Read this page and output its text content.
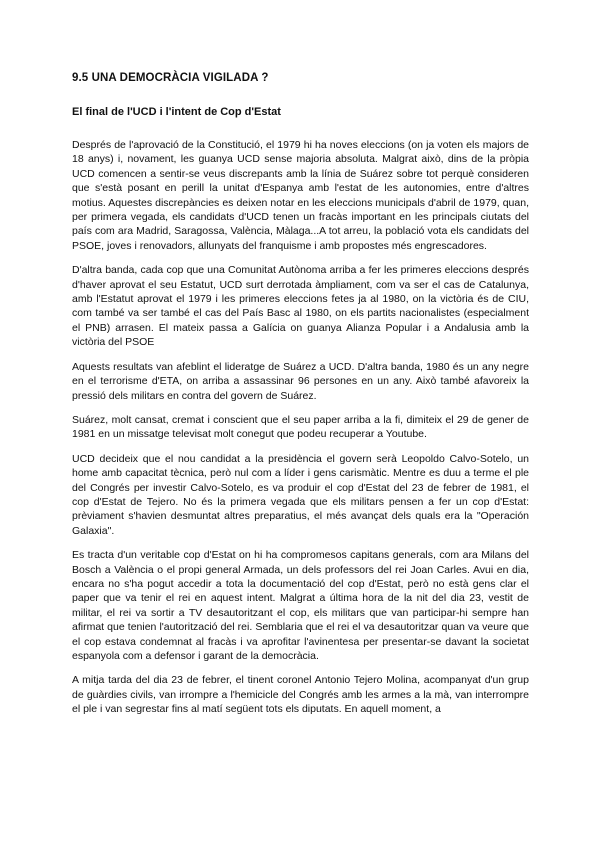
9.5 UNA DEMOCRÀCIA VIGILADA ?
El final de l'UCD i l'intent de Cop d'Estat

Després de l'aprovació de la Constitució, el 1979 hi ha noves eleccions (on ja voten els majors de 18 anys) i, novament, les guanya UCD sense majoria absoluta. Malgrat això, dins de la pròpia UCD comencen a sentir-se veus discrepants amb la línia de Suárez sobre tot perquè consideren que s'està posant en perill la unitat d'Espanya amb l'estat de les autonomies, entre d'altres motius. Aquestes discrepàncies es deixen notar en les eleccions municipals d'abril de 1979, quan, per primera vegada, els candidats d'UCD tenen un fracàs important en les principals ciutats del país com ara Madrid, Saragossa, València, Màlaga...A tot arreu, la població vota els candidats del PSOE, joves i renovadors, allunyats del franquisme i amb propostes més engrescadores.

D'altra banda, cada cop que una Comunitat Autònoma arriba a fer les primeres eleccions després d'haver aprovat el seu Estatut, UCD surt derrotada àmpliament, com va ser el cas de Catalunya, amb l'Estatut aprovat el 1979 i les primeres eleccions fetes ja al 1980, on la victòria és de CIU, com també va ser també el cas del País Basc al 1980, on els partits nacionalistes (especialment el PNB) arrasen. El mateix passa a Galícia on guanya Alianza Popular i a Andalusia amb la victòria del PSOE

Aquests resultats van afeblint el lideratge de Suárez a UCD. D'altra banda, 1980 és un any negre en el terrorisme d'ETA, on arriba a assassinar 96 persones en un any. Això també afavoreix la pressió dels militars en contra del govern de Suárez.

Suárez, molt cansat, cremat i conscient que el seu paper arriba a la fi, dimiteix el 29 de gener de 1981 en un missatge televisat molt conegut que podeu recuperar a Youtube.

UCD decideix que el nou candidat a la presidència el govern serà Leopoldo Calvo-Sotelo, un home amb capacitat tècnica, però nul com a líder i gens carismàtic. Mentre es duu a terme el ple del Congrés per investir Calvo-Sotelo, es va produir el cop d'Estat del 23 de febrer de 1981, el cop d'Estat de Tejero. No és la primera vegada que els militars pensen a fer un cop d'Estat: prèviament s'havien desmuntat altres preparatius, el més avançat dels quals era la "Operación Galaxia".

Es tracta d'un veritable cop d'Estat on hi ha compromesos capitans generals, com ara Milans del Bosch a València o el propi general Armada, un dels professors del rei Joan Carles. Avui en dia, encara no s'ha pogut accedir a tota la documentació del cop d'Estat, però no està gens clar el paper que va tenir el rei en aquest intent. Malgrat a última hora de la nit del dia 23, vestit de militar, el rei va sortir a TV desautoritzant el cop, els militars que van participar-hi sempre han afirmat que tenien l'autorització del rei. Semblaria que el rei el va desautoritzar quan va veure que el cop estava condemnat al fracàs i va aprofitar l'avinentesa per presentar-se davant la societat espanyola com a defensor i garant de la democràcia.

A mitja tarda del dia 23 de febrer, el tinent coronel Antonio Tejero Molina, acompanyat d'un grup de guàrdies civils, van irrompre a l'hemicicle del Congrés amb les armes a la mà, van interrompre el ple i van segrestar fins al matí següent tots els diputats. En aquell moment, a
